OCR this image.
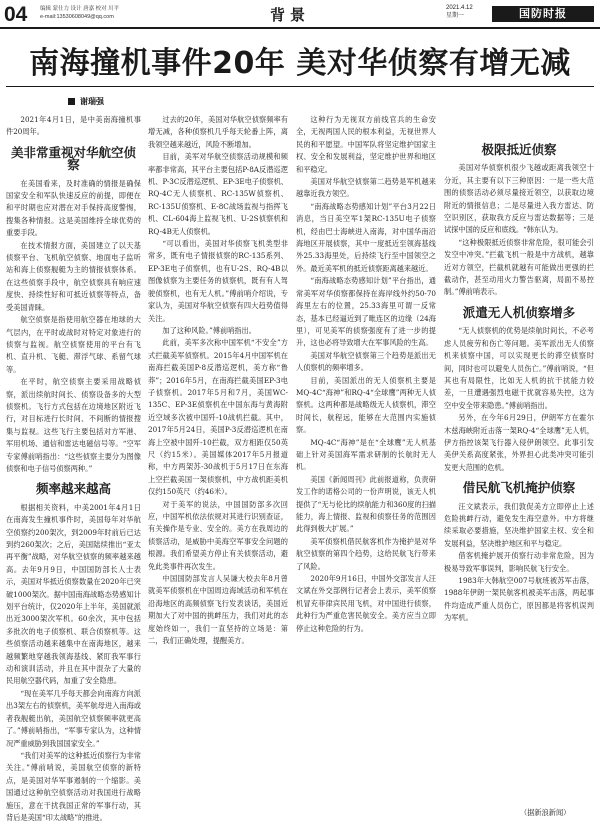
04 编辑 蒙仕力 设计 唐嘉 校对 川平
e-mail:13530608049@qq.com	背景	2021.4.12
星期一	国防时报
南海撞机事件20年 美对华侦察有增无减
谢瑞强

2021年4月1日，是中美南海撞机事件20周年。

美非常重视对华航空侦察

在美国看来，及时准确的情报是确保国家安全和军队快速反应的前提，即便在和平时期也应对潜在对手保持高度警惕，搜集各种情报。这是美国维持全球优势的重要手段。

在技术情报方面，美国建立了以天基侦察平台、飞机航空侦察、地面电子监听站和海上侦察舰艇为主的情报侦察体系。在这些侦察手段中，航空侦察具有响应速度快、持续性好和可抵近侦察等特点，备受美国青睐。

航空侦察是指使用航空器在地球的大气层内，在平时或战时对特定对象进行的侦察与监视。航空侦察使用的平台有飞机、直升机、飞艇、滞浮气球、系留气球等。

在平时，航空侦察主要采用战略侦察，派出续航时间长、侦察设备多的大型侦察机。飞行方式包括在边境地区附近飞行，对目标进行长时间、不间断的情报搜集与监视。这些飞行主要包括对方军港、军用机场、通信和雷达电磁信号等。“空军专家傅前哨指出：“这些侦察主要分为图像侦察和电子信号侦察两种。”

频率越来越高

根据相关资料，中美2001年4月1日在南海发生撞机事件时，美国每年对华航空侦察约200架次，到2009年时前后已达到约260架次；之后，美国陆续推出“亚太再平衡”战略，对华航空侦察的频率越来越高。去年9月9日，中国国防部长人士表示，美国对华抵近侦察数量在2020年已突破1000架次。据中国南海战略态势感知计划平台统计，仅2020年上半年，美国就派出近3000架次军机。60余次，其中包括多批次的电子侦察机、联合侦察机等。这些侦察活动越来越集中在南海地区，越来越频繁地穿越我领海基线、紧盯我军事行动和演训活动，并且在其中混杂了大量的民用航空器代码，加重了安全隐患。

“现在美军几乎每天都会向南海方向派出3架左右的侦察机，美军航母进入南海或者我舰艇出航，美国航空侦察频率就更高了。”傅前哨指出，“军事专家认为，这种情况严重威胁到我国国家安全。”

“我们对美军的这种抵近侦察行为非常关注。”傅前哨说，美国航空侦察的新特点，是美国对华军事遏制的一个缩影。美国通过这种航空侦察活动对我国进行战略施压，意在干扰我国正常的军事行动，其背后是美国“印太战略”的推进。

过去的20年，美国对华航空侦察频率有增无减，各种侦察机几乎每天轮番上阵，离我领空越来越近，风险不断增加。

目前，美军对华航空侦察活动规模和频率都非常高，其平台主要包括P-8A反潜巡逻机、P-3C反潜巡逻机、EP-3E电子侦察机、RQ-4C无人侦察机、RC-135W侦察机、RC-135U侦察机、E-8C战场监视与指挥飞机、CL-604海上监视飞机、U-2S侦察机和RQ-4B无人侦察机。

“可以看出，美国对华侦察飞机类型非常多，既有电子情报侦察的RC-135系列、EP-3E电子侦察机，也有U-2S、RQ-4B以图像侦察为主要任务的侦察机，既有有人驾驶侦察机，也有无人机。”傅前哨介绍说，专家认为，美国对华航空侦察有四大趋势值得关注。

加了这种风险。”傅前哨指出。

此前，美军多次称中国军机“不安全”方式拦截美军侦察机。2015年4月中国军机在南海拦截美国P-8反潜巡逻机，美方称“鲁莽”；2016年5月，在南海拦截美国EP-3电子侦察机。2017年5月和7月，美国WC-135C、EP-3E侦察机在中国东海与黄海附近空域多次被中国歼-10战机拦截。其中，2017年5月24日，美国P-3反潜巡逻机在南海上空被中国歼-10拦截，双方相距仅50英尺（约15米）。美国媒体2017年5月报道称，中方两架苏-30战机于5月17日在东海上空拦截美国一架侦察机，中方战机距美机仅约150英尺（约46米）。

对于美军的说法，中国国防部多次回应，中国军机依法依规对其进行识别查证，有关操作是专业、安全的。美方在我周边的侦察活动，是威胁中美海空军事安全问题的根源。我们希望美方停止有关侦察活动，避免此类事件再次发生。

中国国防部发言人吴谦大校去年8月曾就美军侦察机在中国周边海域活动和军机在沿海地区的高频侦察飞行发表谈话，美国近期加大了对中国的挑衅压力，我们对此的态度始终如一，我们一直坚持的立场是：第二，我们正确处理，提醒美方。

这种行为无视双方前线官兵的生命安全，无视两国人民的根本利益，无视世界人民的和平愿望。中国军队将坚定维护国家主权、安全和发展利益，坚定维护世界和地区和平稳定。

美国对华航空侦察第二趋势是军机越来越靠近我方领空。

“南海战略态势感知计划”平台3月22日消息，当日美空军1架RC-135U电子侦察机，经由巴士海峡进入南海，对中国华南沿海地区开展侦察，其中一度抵近至领海基线外25.33海里处，后持续飞行至中国领空之外。最近美军机的抵近侦察距离越来越近。

“南海战略态势感知计划”平台指出，通常美军对华侦察都保持在海岸线外约50-70海里左右的位置，25.33海里可谓一反常态，基本已经逼近到了毗连区的边缘（24海里），可见美军的侦察强度有了进一步的提升，这也必将导致增大在军事风险的生高。

美国对华航空侦察第三个趋势是派出无人侦察机的频率增多。

目前，美国派出的无人侦察机主要是MQ-4C“海神”和RQ-4“全球鹰”两种无人侦察机。这两种都是战略级无人侦察机，滞空时间长，航程远，能够在大范围内实施侦察。

MQ-4C“海神”是在“全球鹰”无人机基础上针对美国海军需求研制的长航时无人机。

美国《新闻周刊》此前报道称，负责研发工作的诺格公司的一份声明说，该无人机提供了“无与伦比的续航能力和360度的扫描能力，海上情报、监视和侦察任务的范围因此得到极大扩展。”

美军侦察机借民航客机作为掩护是对华航空侦察的第四个趋势，这给民航飞行带来了风险。

2020年9月16日，中国外交部发言人汪文斌在外交部例行记者会上表示，美军侦察机冒充菲律宾民用飞机，对中国进行侦察，此种行为严重危害民航安全。美方应当立即停止这种危险的行为。

极限抵近侦察

美国对华侦察机很少飞越或距离我领空十分近，其主要有以下三种原因：一是一些大范围的侦察活动必须尽量接近领空，以获取边境附近的情报信息；二是尽量进入我方雷达、防空识别区，获取我方反应与雷达数据等；三是试探中国的反应和底线。“韩东认为。

“这种极限抵近侦察非常危险，很可能会引发空中冲突。”拦截飞机一般是中方战机，越靠近对方领空，拦截机就越有可能做出更强的拦截动作，甚至动用火力警告驱离，局面不易控制。”傅前哨表示。

派遣无人机侦察增多

“无人侦察机的优势是续航时间长，不必考虑人员疲劳和伤亡等问题。美军派出无人侦察机来侦察中国，可以实现更长的滞空侦察时间，同时也可以避免人员伤亡。”傅前哨说，“但其也有局限性，比如无人机的抗干扰能力较差，一旦遭遇强烈电磁干扰就容易失控，这为空中安全带来隐患。”傅前哨指出。

另外，在今年6月29日，伊朗军方在霍尔木兹海峡附近击落一架RQ-4“全球鹰”无人机，伊方指控该架飞行器入侵伊朗领空。此事引发美伊关系高度紧张，外界担心此类冲突可能引发更大范围的危机。

借民航飞机掩护侦察

汪文斌表示，我们敦促美方立即停止上述危险挑衅行动，避免发生海空意外。中方将继续采取必要措施，坚决维护国家主权、安全和发展利益，坚决维护地区和平与稳定。

借客机掩护展开侦察行动非常危险，因为极易导致军事误判，影响民航飞行安全。

1983年大韩航空007号航班被苏军击落，1988年伊朗一架民航客机被美军击落，两起事件均造成严重人员伤亡，原因都是将客机误判为军机。

（据新浪新闻）
